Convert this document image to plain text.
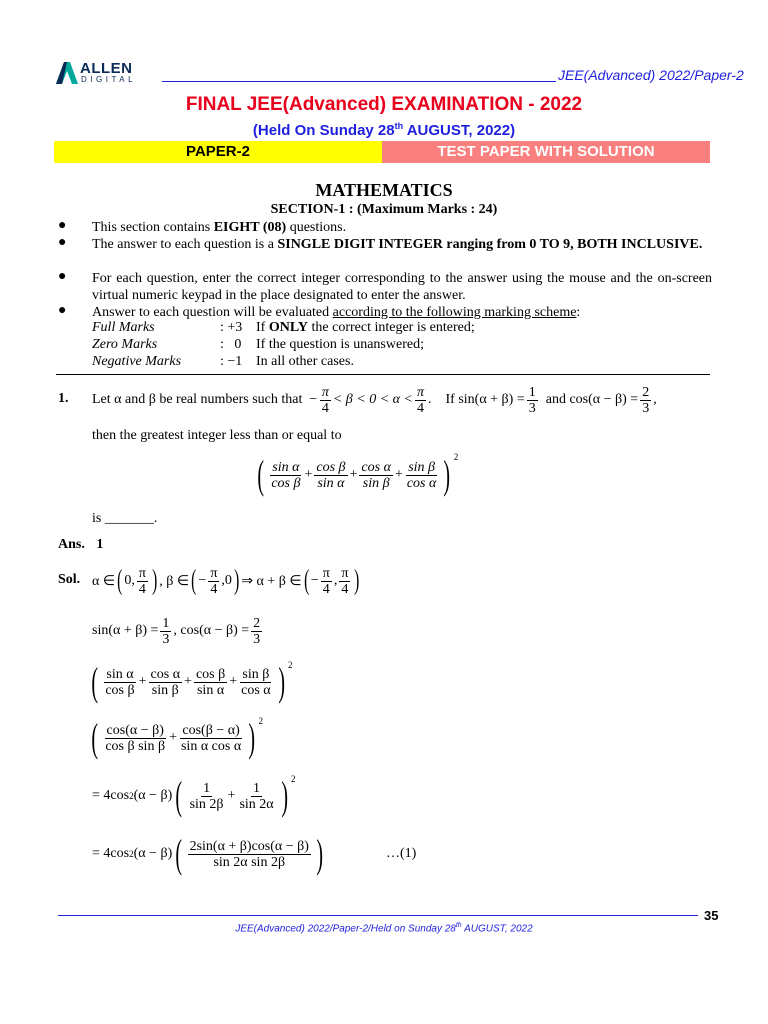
ALLEN
DIGITAL	JEE(Advanced) 2022/Paper-2
FINAL JEE(Advanced) EXAMINATION - 2022
(Held On Sunday 28th AUGUST, 2022)
PAPER-2	TEST PAPER WITH SOLUTION
MATHEMATICS
SECTION-1 : (Maximum Marks : 24)
● This section contains EIGHT (08) questions.
● The answer to each question is a SINGLE DIGIT INTEGER ranging from 0 TO 9, BOTH INCLUSIVE.
● For each question, enter the correct integer corresponding to the answer using the mouse and the on-screen virtual numeric keypad in the place designated to enter the answer.
● Answer to each question will be evaluated according to the following marking scheme:
Full Marks	: +3 If ONLY the correct integer is entered;
Zero Marks	:   0 If the question is unanswered;
Negative Marks	: −1 In all other cases.
1. Let α and β be real numbers such that − $\frac{\pi}{4} < \beta < 0 < \alpha < \frac{\pi}{4}$ . If $\sin(\alpha + \beta) = \frac{1}{3}$ and $\cos(\alpha - \beta) = \frac{2}{3}$ ,
then the greatest integer less than or equal to
( $\frac{\text{sin α}}{\text{cos β}} + \frac{\text{cos β}}{\text{sin α}} + \frac{\text{cos α}}{\text{sin β}} + \frac{\text{sin β}}{\text{cos α}}$ ) $^2$
is _______.
Ans. 1
Sol. α ∈ ( 0, $\frac{\pi}{4}$ ) , β ∈ ( − $\frac{\pi}{4} ,0$ ) ⇒ α + β ∈ ( − $\frac{\pi}{4}$ , $\frac{\pi}{4}$ )
$\sin(\alpha + \beta) = \frac{1}{3}$ , $\cos(\alpha - \beta) = \frac{2}{3}$
( $\frac{\text{sin α}}{\text{cos β}} + \frac{\text{cos α}}{\text{sin β}} + \frac{\text{cos β}}{\text{sin α}} + \frac{\text{sin β}}{\text{cos α}}$ ) $^2$
( $\frac{\cos(\alpha - \beta)}{\text{cos β sin β}} + \frac{\cos(\beta - \alpha)}{\text{sin α cos α}}$ ) $^2$
= 4cos 2 (α − β) ( $\frac{1}{\sin 2\beta} + \frac{1}{\sin 2\alpha}$ ) $^2$
= 4cos 2 (α − β) ( $\frac{2\sin(\alpha + \beta)\cos(\alpha - \beta)}{\text{sin 2α sin 2β}}$ )	…(1)
35
JEE(Advanced) 2022/Paper-2/Held on Sunday 28th AUGUST, 2022
